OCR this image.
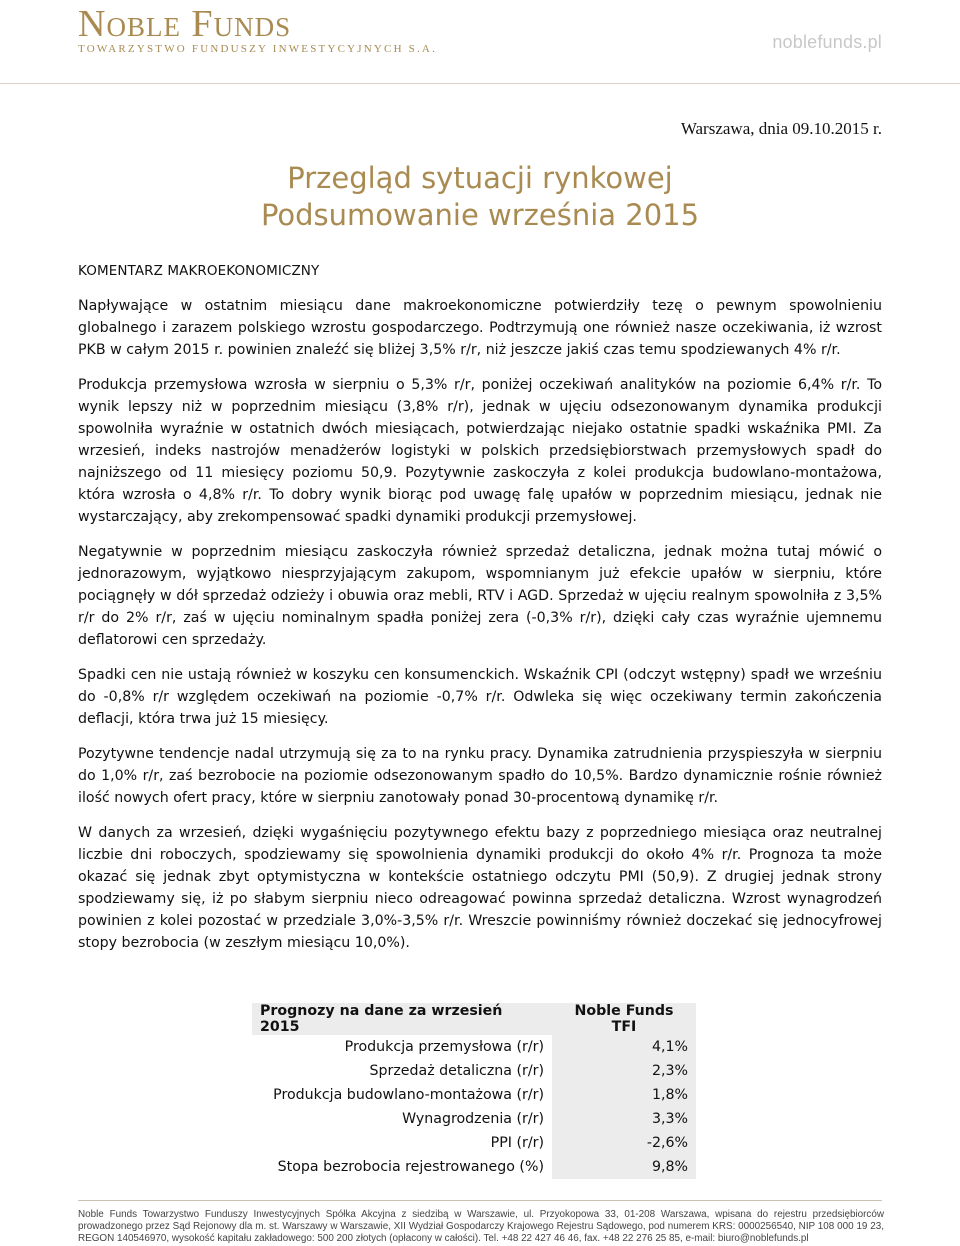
Noble Funds
TOWARZYSTWO FUNDUSZY INWESTYCYJNYCH S.A.	noblefunds.pl
Warszawa, dnia 09.10.2015 r.
Przegląd sytuacji rynkowej
Podsumowanie września 2015
KOMENTARZ MAKROEKONOMICZNY

Napływające w ostatnim miesiącu dane makroekonomiczne potwierdziły tezę o pewnym spowolnieniu globalnego i zarazem polskiego wzrostu gospodarczego. Podtrzymują one również nasze oczekiwania, iż wzrost PKB w całym 2015 r. powinien znaleźć się bliżej 3,5% r/r, niż jeszcze jakiś czas temu spodziewanych 4% r/r.

Produkcja przemysłowa wzrosła w sierpniu o 5,3% r/r, poniżej oczekiwań analityków na poziomie 6,4% r/r. To wynik lepszy niż w poprzednim miesiącu (3,8% r/r), jednak w ujęciu odsezonowanym dynamika produkcji spowolniła wyraźnie w ostatnich dwóch miesiącach, potwierdzając niejako ostatnie spadki wskaźnika PMI. Za wrzesień, indeks nastrojów menadżerów logistyki w polskich przedsiębiorstwach przemysłowych spadł do najniższego od 11 miesięcy poziomu 50,9. Pozytywnie zaskoczyła z kolei produkcja budowlano-montażowa, która wzrosła o 4,8% r/r. To dobry wynik biorąc pod uwagę falę upałów w poprzednim miesiącu, jednak nie wystarczający, aby zrekompensować spadki dynamiki produkcji przemysłowej.

Negatywnie w poprzednim miesiącu zaskoczyła również sprzedaż detaliczna, jednak można tutaj mówić o jednorazowym, wyjątkowo niesprzyjającym zakupom, wspomnianym już efekcie upałów w sierpniu, które pociągnęły w dół sprzedaż odzieży i obuwia oraz mebli, RTV i AGD. Sprzedaż w ujęciu realnym spowolniła z 3,5% r/r do 2% r/r, zaś w ujęciu nominalnym spadła poniżej zera (-0,3% r/r), dzięki cały czas wyraźnie ujemnemu deflatorowi cen sprzedaży.

Spadki cen nie ustają również w koszyku cen konsumenckich. Wskaźnik CPI (odczyt wstępny) spadł we wrześniu do -0,8% r/r względem oczekiwań na poziomie -0,7% r/r. Odwleka się więc oczekiwany termin zakończenia deflacji, która trwa już 15 miesięcy.

Pozytywne tendencje nadal utrzymują się za to na rynku pracy. Dynamika zatrudnienia przyspieszyła w sierpniu do 1,0% r/r, zaś bezrobocie na poziomie odsezonowanym spadło do 10,5%. Bardzo dynamicznie rośnie również ilość nowych ofert pracy, które w sierpniu zanotowały ponad 30-procentową dynamikę r/r.

W danych za wrzesień, dzięki wygaśnięciu pozytywnego efektu bazy z poprzedniego miesiąca oraz neutralnej liczbie dni roboczych, spodziewamy się spowolnienia dynamiki produkcji do około 4% r/r. Prognoza ta może okazać się jednak zbyt optymistyczna w kontekście ostatniego odczytu PMI (50,9). Z drugiej jednak strony spodziewamy się, iż po słabym sierpniu nieco odreagować powinna sprzedaż detaliczna. Wzrost wynagrodzeń powinien z kolei pozostać w przedziale 3,0%-3,5% r/r. Wreszcie powinniśmy również doczekać się jednocyfrowej stopy bezrobocia (w zeszłym miesiącu 10,0%).

Prognozy na dane za wrzesień 2015	Noble Funds TFI
Produkcja przemysłowa (r/r)	4,1%
Sprzedaż detaliczna (r/r)	2,3%
Produkcja budowlano-montażowa (r/r)	1,8%
Wynagrodzenia (r/r)	3,3%
PPI (r/r)	-2,6%
Stopa bezrobocia rejestrowanego (%)	9,8%
Noble Funds Towarzystwo Funduszy Inwestycyjnych Spółka Akcyjna z siedzibą w Warszawie, ul. Przyokopowa 33, 01-208 Warszawa, wpisana do rejestru przedsiębiorców prowadzonego przez Sąd Rejonowy dla m. st. Warszawy w Warszawie, XII Wydział Gospodarczy Krajowego Rejestru Sądowego, pod numerem KRS: 0000256540, NIP 108 000 19 23, REGON 140546970, wysokość kapitału zakładowego: 500 200 złotych (opłacony w całości). Tel. +48 22 427 46 46, fax. +48 22 276 25 85, e-mail: biuro@noblefunds.pl
